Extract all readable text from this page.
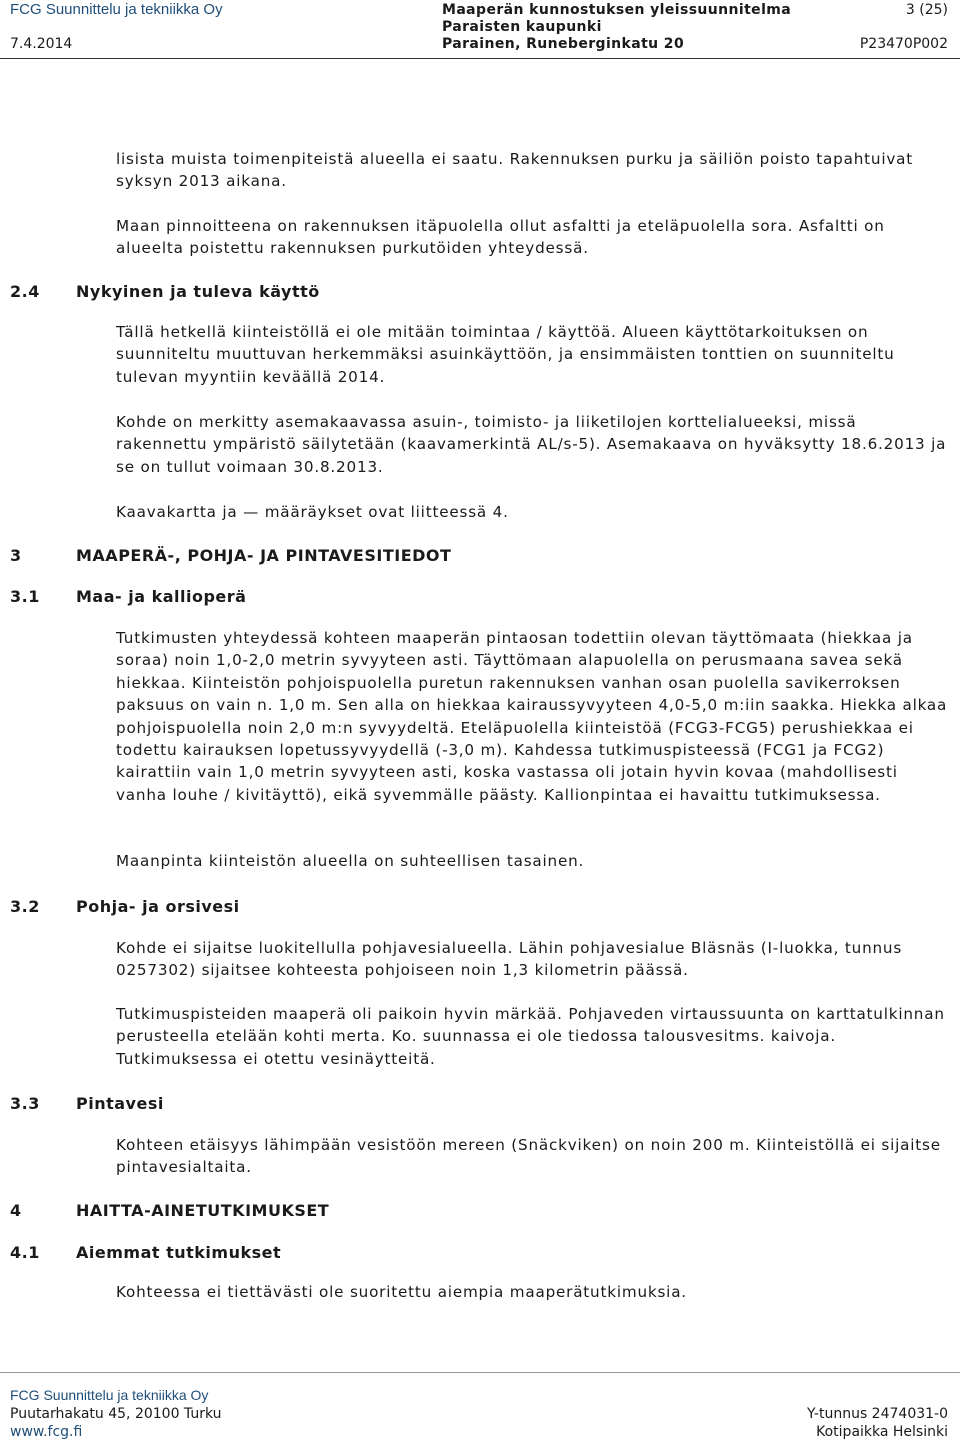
FCG Suunnittelu ja tekniikka Oy
7.4.2014
Maaperän kunnostuksen yleissuunnitelma
Paraisten kaupunki
Parainen, Runeberginkatu 20
3 (25)
P23470P002

lisista muista toimenpiteistä alueella ei saatu. Rakennuksen purku ja säiliön poisto tapahtuivat syksyn 2013 aikana.

Maan pinnoitteena on rakennuksen itäpuolella ollut asfaltti ja eteläpuolella sora. Asfaltti on alueelta poistettu rakennuksen purkutöiden yhteydessä.

2.4 Nykyinen ja tuleva käyttö

Tällä hetkellä kiinteistöllä ei ole mitään toimintaa / käyttöä. Alueen käyttötarkoituksen on suunniteltu muuttuvan herkemmäksi asuinkäyttöön, ja ensimmäisten tonttien on suunniteltu tulevan myyntiin keväällä 2014.

Kohde on merkitty asemakaavassa asuin-, toimisto- ja liiketilojen korttelialueeksi, missä rakennettu ympäristö säilytetään (kaavamerkintä AL/s-5). Asemakaava on hyväksytty 18.6.2013 ja se on tullut voimaan 30.8.2013.

Kaavakartta ja — määräykset ovat liitteessä 4.

3	MAAPERÄ-, POHJA- JA PINTAVESITIEDOT
3.1 Maa- ja kallioperä

Tutkimusten yhteydessä kohteen maaperän pintaosan todettiin olevan täyttömaata (hiekkaa ja soraa) noin 1,0-2,0 metrin syvyyteen asti. Täyttömaan alapuolella on perusmaana savea sekä hiekkaa. Kiinteistön pohjoispuolella puretun rakennuksen vanhan osan puolella savikerroksen paksuus on vain n. 1,0 m. Sen alla on hiekkaa kairaussyvyyteen 4,0-5,0 m:iin saakka. Hiekka alkaa pohjoispuolella noin 2,0 m:n syvyydeltä. Eteläpuolella kiinteistöä (FCG3-FCG5) perushiekkaa ei todettu kairauksen lopetussyvyydellä (-3,0 m). Kahdessa tutkimuspisteessä (FCG1 ja FCG2) kairattiin vain 1,0 metrin syvyyteen asti, koska vastassa oli jotain hyvin kovaa (mahdollisesti vanha louhe / kivitäyttö), eikä syvemmälle päästy. Kallionpintaa ei havaittu tutkimuksessa.

Maanpinta kiinteistön alueella on suhteellisen tasainen.

3.2 Pohja- ja orsivesi

Kohde ei sijaitse luokitellulla pohjavesialueella. Lähin pohjavesialue Bläsnäs (I-luokka, tunnus 0257302) sijaitsee kohteesta pohjoiseen noin 1,3 kilometrin päässä.

Tutkimuspisteiden maaperä oli paikoin hyvin märkää. Pohjaveden virtaussuunta on karttatulkinnan perusteella etelään kohti merta. Ko. suunnassa ei ole tiedossa talousvesitms. kaivoja. Tutkimuksessa ei otettu vesinäytteitä.

3.3 Pintavesi

Kohteen etäisyys lähimpään vesistöön mereen (Snäckviken) on noin 200 m. Kiinteistöllä ei sijaitse pintavesialtaita.

4	HAITTA-AINETUTKIMUKSET
4.1 Aiemmat tutkimukset

Kohteessa ei tiettävästi ole suoritettu aiempia maaperätutkimuksia.

FCG Suunnittelu ja tekniikka Oy
Puutarhakatu 45, 20100 Turku
www.fcg.fi
Y-tunnus 2474031-0
Kotipaikka Helsinki
